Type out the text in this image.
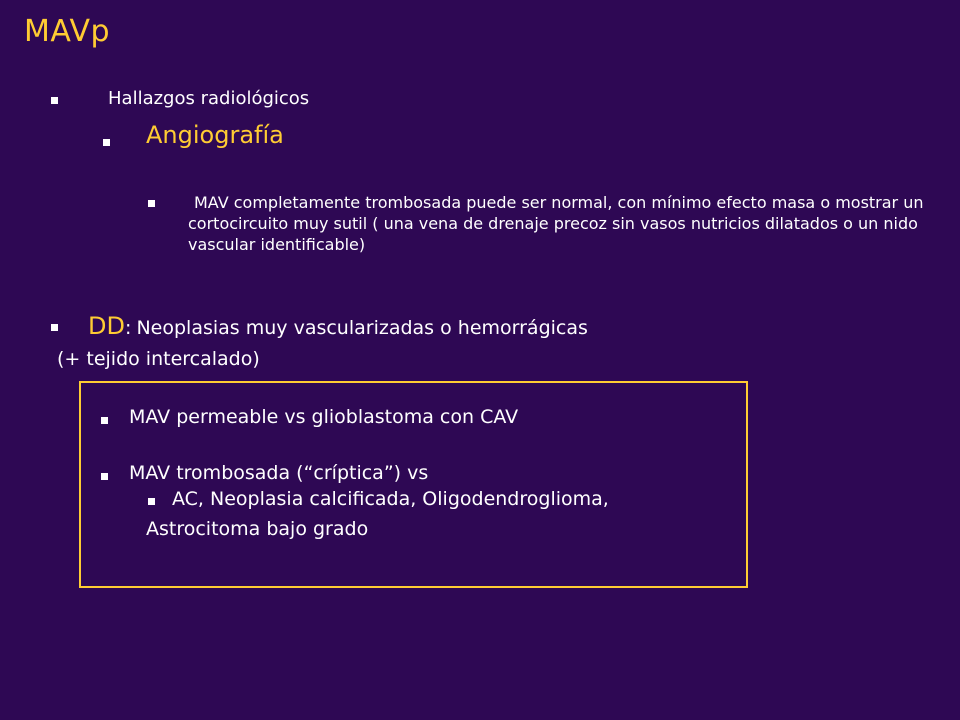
MAVp
Hallazgos radiológicos
Angiografía
MAV completamente trombosada puede ser normal, con mínimo efecto masa o mostrar un cortocircuito muy sutil ( una vena de drenaje precoz sin vasos nutricios dilatados o un nido vascular identificable)
DD: Neoplasias muy vascularizadas o hemorrágicas
(+ tejido intercalado)
MAV permeable vs glioblastoma con CAV
MAV trombosada (“críptica”) vs
AC, Neoplasia calcificada, Oligodendroglioma,
Astrocitoma bajo grado
